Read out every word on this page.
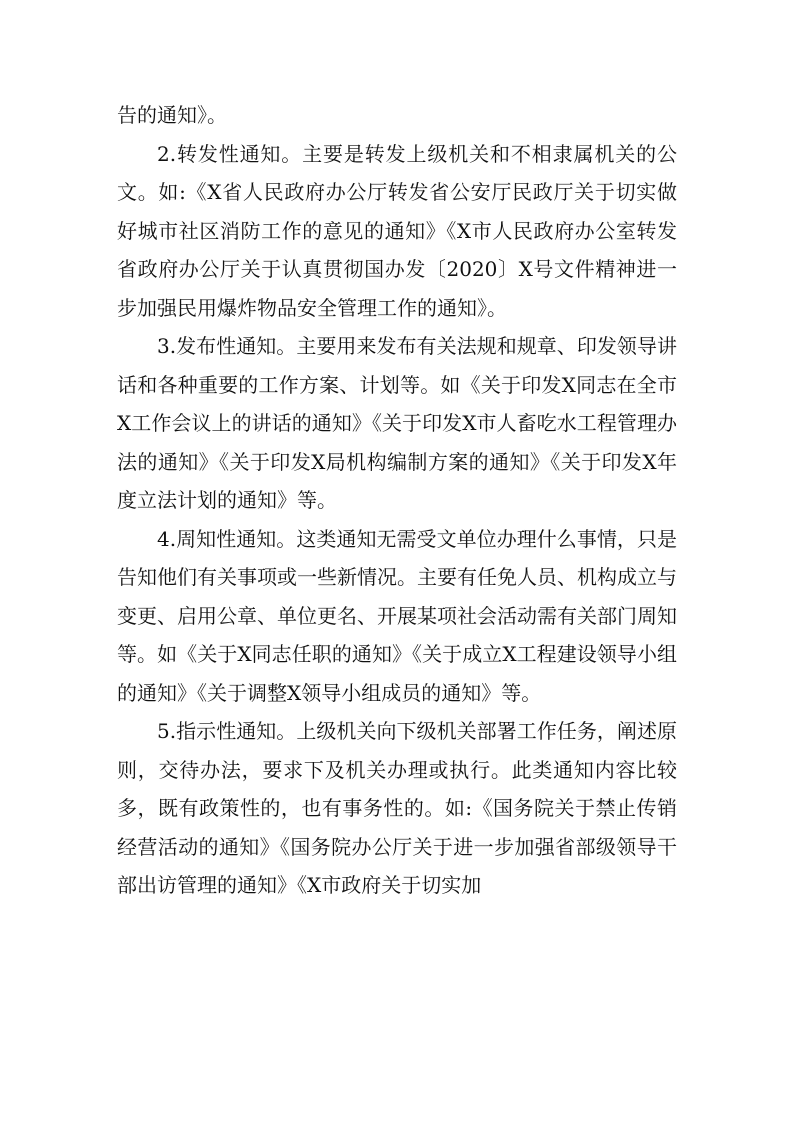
告的通知》。

2.转发性通知。主要是转发上级机关和不相隶属机关的公文。如:《X省人民政府办公厅转发省公安厅民政厅关于切实做好城市社区消防工作的意见的通知》《X市人民政府办公室转发省政府办公厅关于认真贯彻国办发〔2020〕X号文件精神进一步加强民用爆炸物品安全管理工作的通知》。

3.发布性通知。主要用来发布有关法规和规章、印发领导讲话和各种重要的工作方案、计划等。如《关于印发X同志在全市X工作会议上的讲话的通知》《关于印发X市人畜吃水工程管理办法的通知》《关于印发X局机构编制方案的通知》《关于印发X年度立法计划的通知》等。

4.周知性通知。这类通知无需受文单位办理什么事情，只是告知他们有关事项或一些新情况。主要有任免人员、机构成立与变更、启用公章、单位更名、开展某项社会活动需有关部门周知等。如《关于X同志任职的通知》《关于成立X工程建设领导小组的通知》《关于调整X领导小组成员的通知》等。

5.指示性通知。上级机关向下级机关部署工作任务，阐述原则，交待办法，要求下及机关办理或执行。此类通知内容比较多，既有政策性的，也有事务性的。如:《国务院关于禁止传销经营活动的通知》《国务院办公厅关于进一步加强省部级领导干部出访管理的通知》《X市政府关于切实加
